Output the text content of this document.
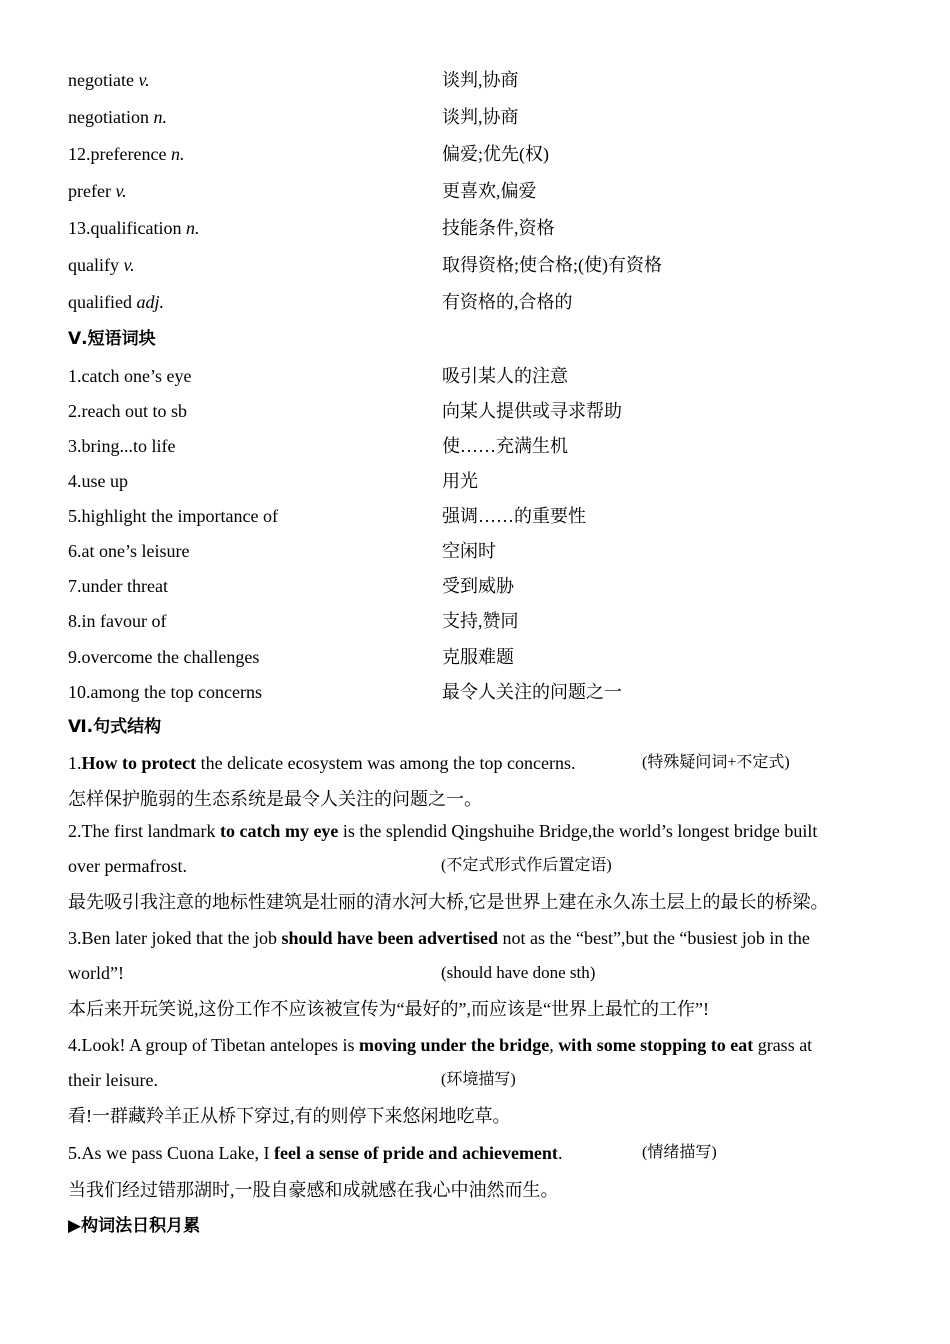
negotiate v.	谈判,协商
negotiation n.	谈判,协商
12.preference n.	偏爱;优先(权)
prefer v.	更喜欢,偏爱
13.qualification n.	技能条件,资格
qualify v.	取得资格;使合格;(使)有资格
qualified adj.	有资格的,合格的
Ⅴ.短语词块
1.catch one’s eye	吸引某人的注意
2.reach out to sb	向某人提供或寻求帮助
3.bring...to life	使……充满生机
4.use up	用光
5.highlight the importance of	强调……的重要性
6.at one’s leisure	空闲时
7.under threat	受到威胁
8.in favour of	支持,赞同
9.overcome the challenges	克服难题
10.among the top concerns	最令人关注的问题之一
Ⅵ.句式结构
1.How to protect the delicate ecosystem was among the top concerns.	(特殊疑问词+不定式)
怎样保护脆弱的生态系统是最令人关注的问题之一。
2.The first landmark to catch my eye is the splendid Qingshuihe Bridge,the world’s longest bridge built
over permafrost.	(不定式形式作后置定语)
最先吸引我注意的地标性建筑是壮丽的清水河大桥,它是世界上建在永久冻土层上的最长的桥梁。
3.Ben later joked that the job should have been advertised not as the “best”,but the “busiest job in the
world”!	(should have done sth)
本后来开玩笑说,这份工作不应该被宣传为“最好的”,而应该是“世界上最忙的工作”!
4.Look! A group of Tibetan antelopes is moving under the bridge, with some stopping to eat grass at
their leisure.	(环境描写)
看!一群藏羚羊正从桥下穿过,有的则停下来悠闲地吃草。
5.As we pass Cuona Lake, I feel a sense of pride and achievement.	(情绪描写)
当我们经过错那湖时,一股自豪感和成就感在我心中油然而生。
▶构词法日积月累
